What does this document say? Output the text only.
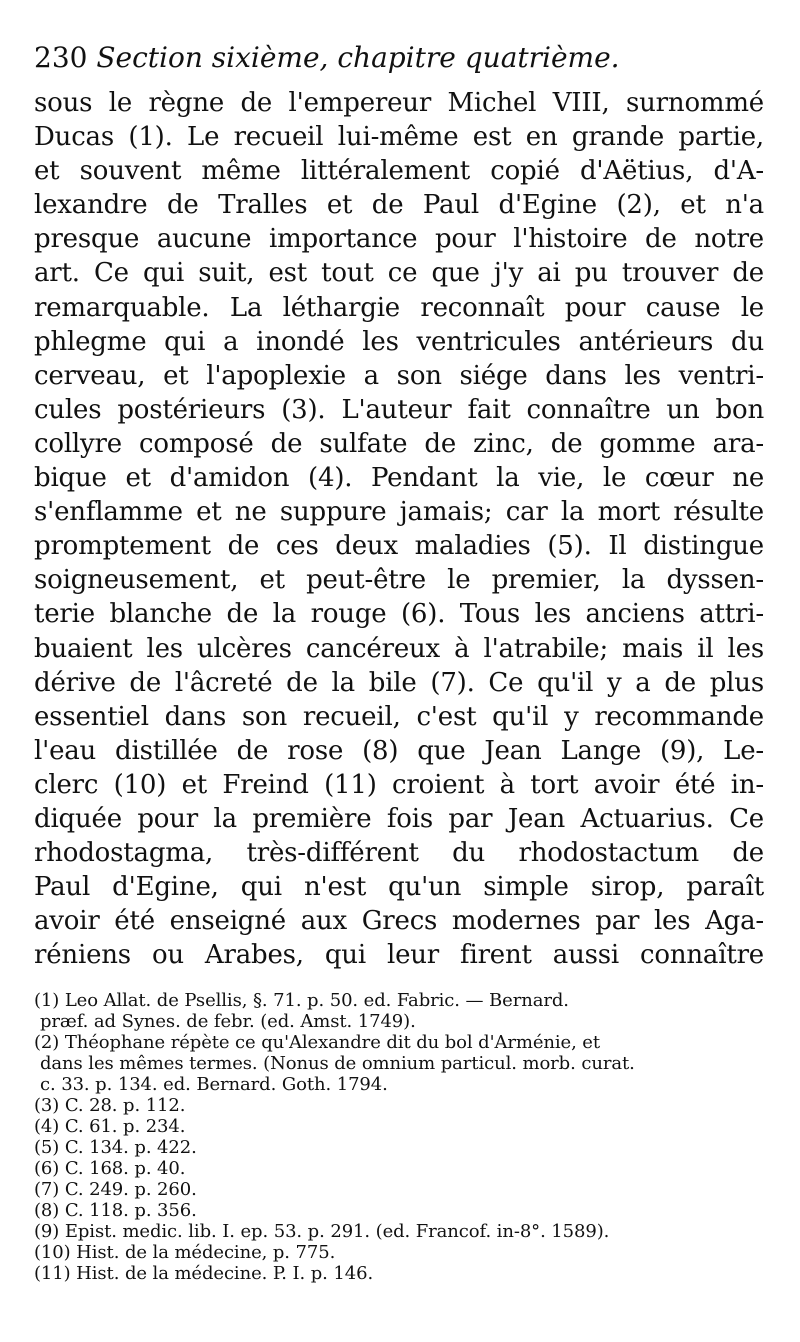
230 Section sixième, chapitre quatrième.
sous le règne de l'empereur Michel VIII, surnommé
Ducas (1). Le recueil lui-même est en grande partie,
et souvent même littéralement copié d'Aëtius, d'A-
lexandre de Tralles et de Paul d'Egine (2), et n'a
presque aucune importance pour l'histoire de notre
art. Ce qui suit, est tout ce que j'y ai pu trouver de
remarquable. La léthargie reconnaît pour cause le
phlegme qui a inondé les ventricules antérieurs du
cerveau, et l'apoplexie a son siége dans les ventri-
cules postérieurs (3). L'auteur fait connaître un bon
collyre composé de sulfate de zinc, de gomme ara-
bique et d'amidon (4). Pendant la vie, le cœur ne
s'enflamme et ne suppure jamais; car la mort résulte
promptement de ces deux maladies (5). Il distingue
soigneusement, et peut-être le premier, la dyssen-
terie blanche de la rouge (6). Tous les anciens attri-
buaient les ulcères cancéreux à l'atrabile; mais il les
dérive de l'âcreté de la bile (7). Ce qu'il y a de plus
essentiel dans son recueil, c'est qu'il y recommande
l'eau distillée de rose (8) que Jean Lange (9), Le-
clerc (10) et Freind (11) croient à tort avoir été in-
diquée pour la première fois par Jean Actuarius. Ce
rhodostagma, très-différent du rhodostactum de
Paul d'Egine, qui n'est qu'un simple sirop, paraît
avoir été enseigné aux Grecs modernes par les Aga-
réniens ou Arabes, qui leur firent aussi connaître
(1) Leo Allat. de Psellis, §. 71. p. 50. ed. Fabric. — Bernard.
præf. ad Synes. de febr. (ed. Amst. 1749).
(2) Théophane répète ce qu'Alexandre dit du bol d'Arménie, et
dans les mêmes termes. (Nonus de omnium particul. morb. curat.
c. 33. p. 134. ed. Bernard. Goth. 1794.
(3) C. 28. p. 112.
(4) C. 61. p. 234.
(5) C. 134. p. 422.
(6) C. 168. p. 40.
(7) C. 249. p. 260.
(8) C. 118. p. 356.
(9) Epist. medic. lib. I. ep. 53. p. 291. (ed. Francof. in-8°. 1589).
(10) Hist. de la médecine, p. 775.
(11) Hist. de la médecine. P. I. p. 146.
